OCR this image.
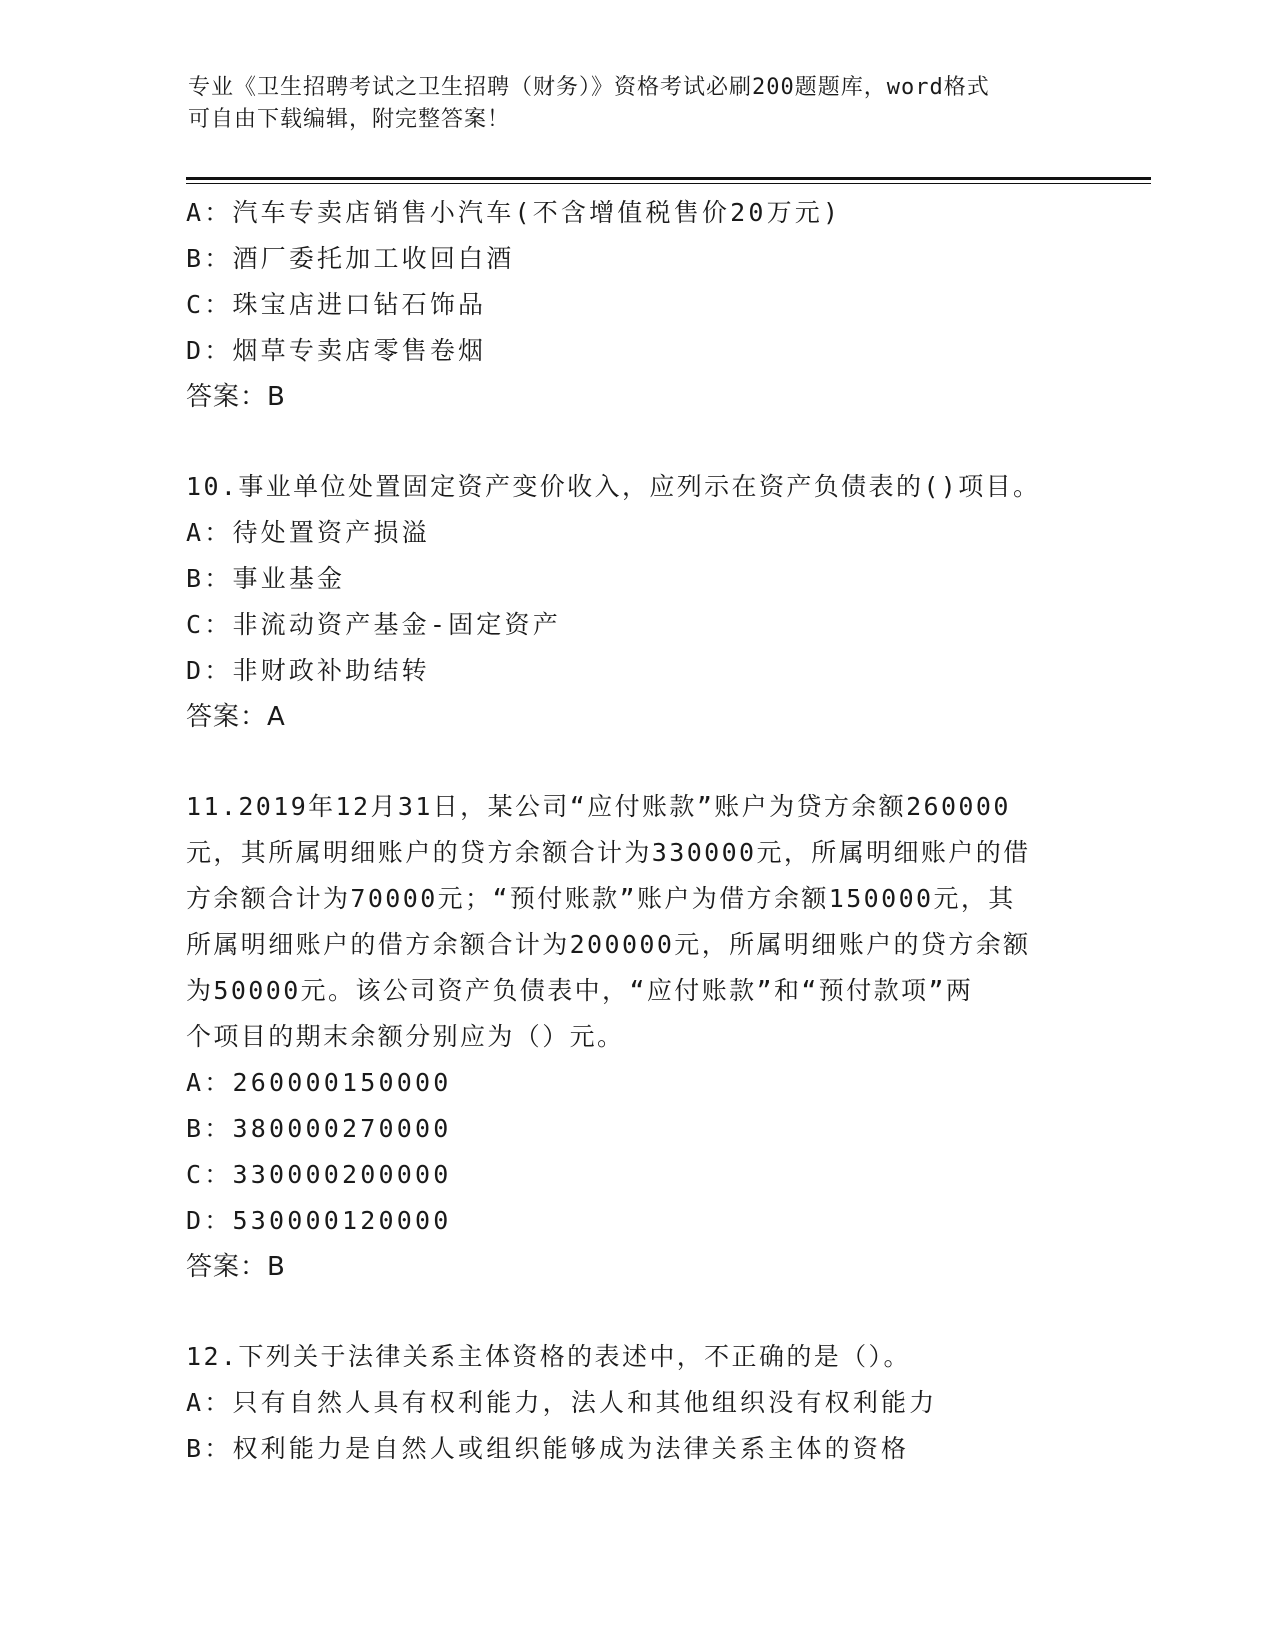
专业《卫生招聘考试之卫生招聘（财务）》资格考试必刷200题题库，word格式
可自由下载编辑，附完整答案！
A：汽车专卖店销售小汽车(不含增值税售价20万元)
B：酒厂委托加工收回白酒
C：珠宝店进口钻石饰品
D：烟草专卖店零售卷烟
答案：B
10.事业单位处置固定资产变价收入，应列示在资产负债表的()项目。
A：待处置资产损溢
B：事业基金
C：非流动资产基金-固定资产
D：非财政补助结转
答案：A
11.2019年12月31日，某公司“应付账款”账户为贷方余额260000
元，其所属明细账户的贷方余额合计为330000元，所属明细账户的借
方余额合计为70000元；“预付账款”账户为借方余额150000元，其
所属明细账户的借方余额合计为200000元，所属明细账户的贷方余额
为50000元。该公司资产负债表中，“应付账款”和“预付款项”两
个项目的期末余额分别应为（）元。
A：260000150000
B：380000270000
C：330000200000
D：530000120000
答案：B
12.下列关于法律关系主体资格的表述中，不正确的是（）。
A：只有自然人具有权利能力，法人和其他组织没有权利能力
B：权利能力是自然人或组织能够成为法律关系主体的资格
